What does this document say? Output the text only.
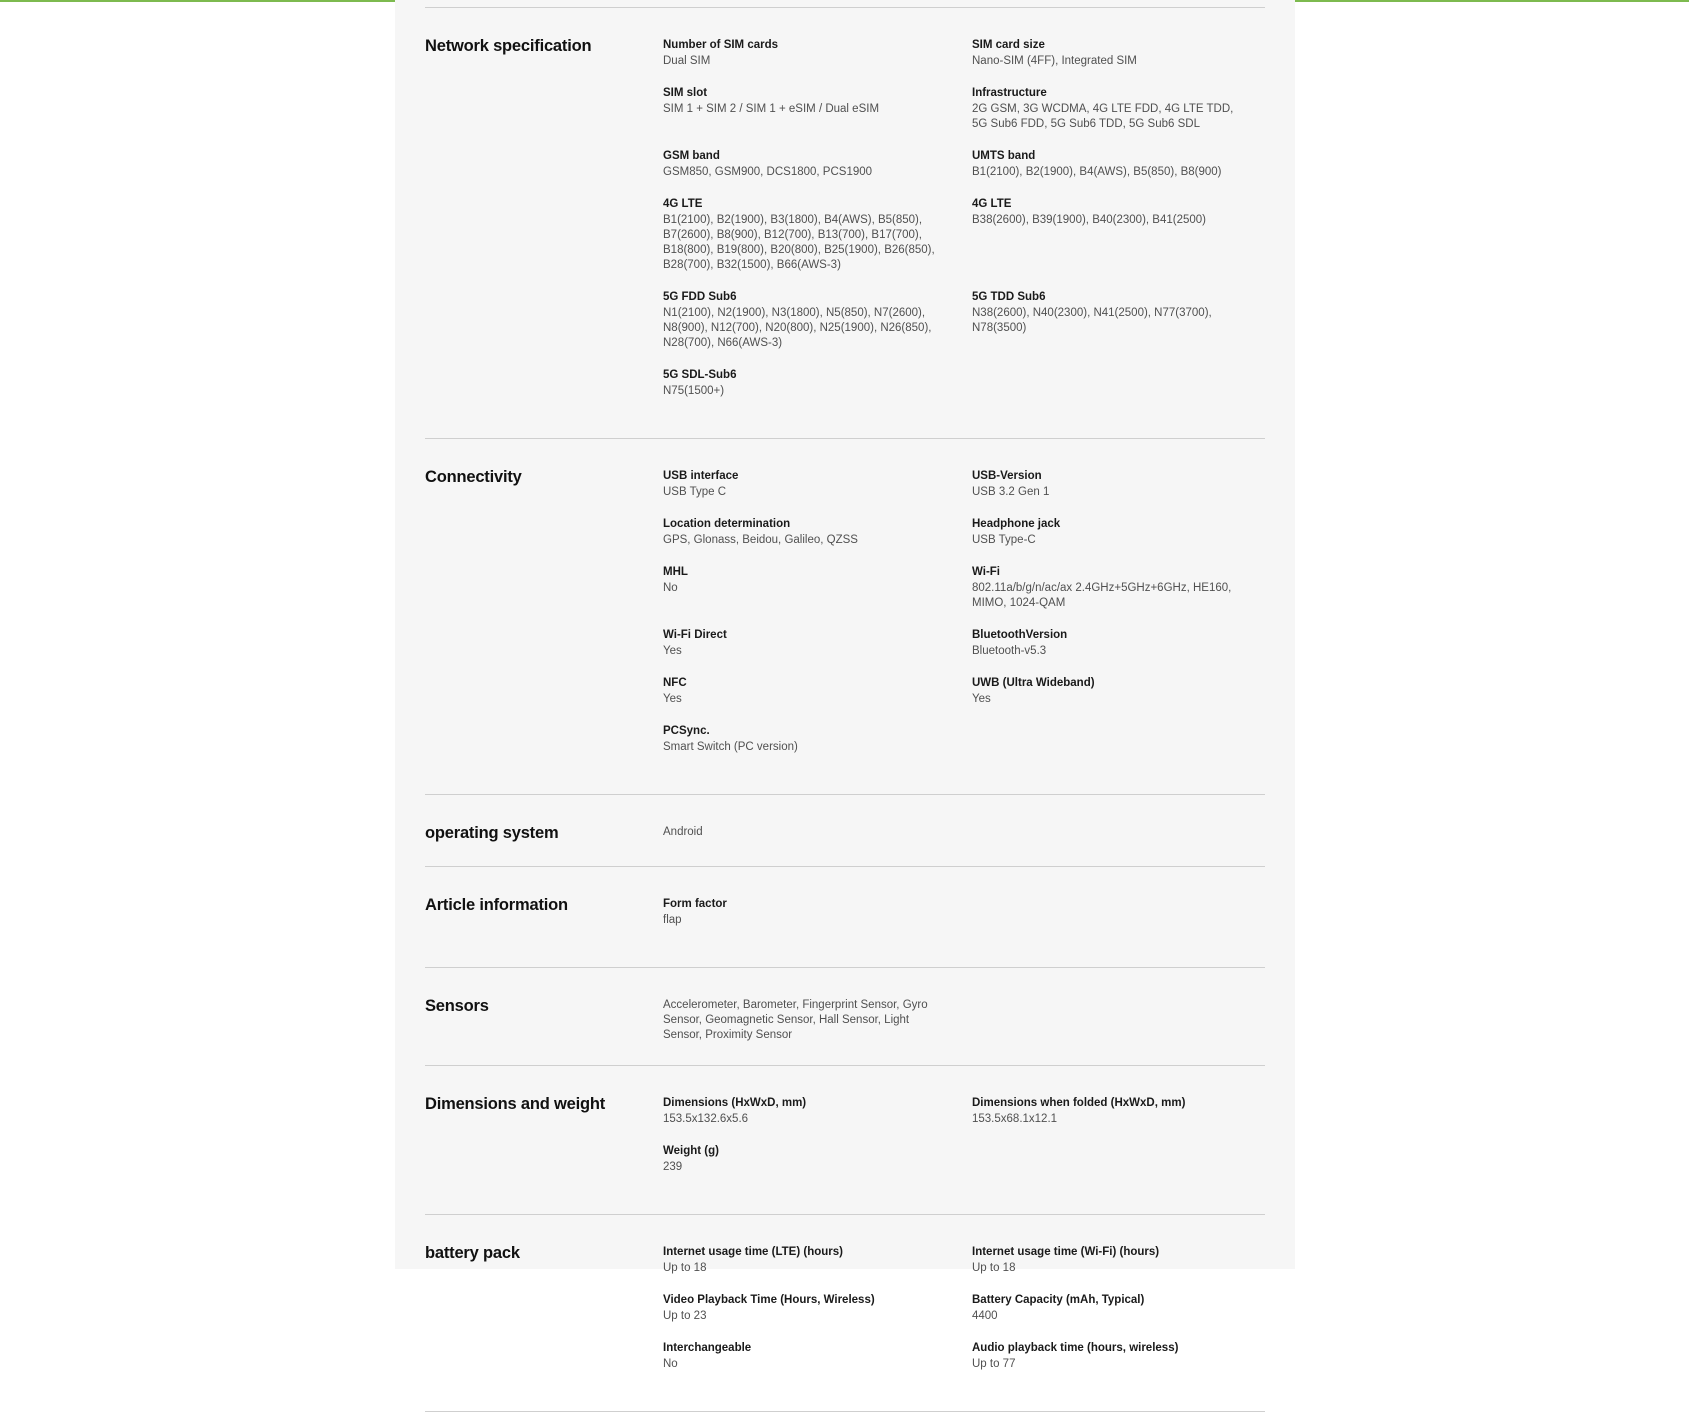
Network specification	Number of SIM cards
Dual SIM
SIM card size
Nano-SIM (4FF), Integrated SIM
SIM slot
SIM 1 + SIM 2 / SIM 1 + eSIM / Dual eSIM
Infrastructure
2G GSM, 3G WCDMA, 4G LTE FDD, 4G LTE TDD, 5G Sub6 FDD, 5G Sub6 TDD, 5G Sub6 SDL
GSM band
GSM850, GSM900, DCS1800, PCS1900
UMTS band
B1(2100), B2(1900), B4(AWS), B5(850), B8(900)
4G LTE
B1(2100), B2(1900), B3(1800), B4(AWS), B5(850), B7(2600), B8(900), B12(700), B13(700), B17(700), B18(800), B19(800), B20(800), B25(1900), B26(850), B28(700), B32(1500), B66(AWS-3)
4G LTE
B38(2600), B39(1900), B40(2300), B41(2500)
5G FDD Sub6
N1(2100), N2(1900), N3(1800), N5(850), N7(2600), N8(900), N12(700), N20(800), N25(1900), N26(850), N28(700), N66(AWS-3)
5G TDD Sub6
N38(2600), N40(2300), N41(2500), N77(3700), N78(3500)
5G SDL-Sub6
N75(1500+)
Connectivity	USB interface
USB Type C
USB-Version
USB 3.2 Gen 1
Location determination
GPS, Glonass, Beidou, Galileo, QZSS
Headphone jack
USB Type-C
MHL
No
Wi-Fi
802.11a/b/g/n/ac/ax 2.4GHz+5GHz+6GHz, HE160, MIMO, 1024-QAM
Wi-Fi Direct
Yes
BluetoothVersion
Bluetooth-v5.3
NFC
Yes
UWB (Ultra Wideband)
Yes
PCSync.
Smart Switch (PC version)
operating system	Android
Article information	Form factor
flap
Sensors	Accelerometer, Barometer, Fingerprint Sensor, Gyro Sensor, Geomagnetic Sensor, Hall Sensor, Light Sensor, Proximity Sensor
Dimensions and weight	Dimensions (HxWxD, mm)
153.5x132.6x5.6
Dimensions when folded (HxWxD, mm)
153.5x68.1x12.1
Weight (g)
239
battery pack	Internet usage time (LTE) (hours)
Up to 18
Internet usage time (Wi-Fi) (hours)
Up to 18
Video Playback Time (Hours, Wireless)
Up to 23
Battery Capacity (mAh, Typical)
4400
Interchangeable
No
Audio playback time (hours, wireless)
Up to 77
